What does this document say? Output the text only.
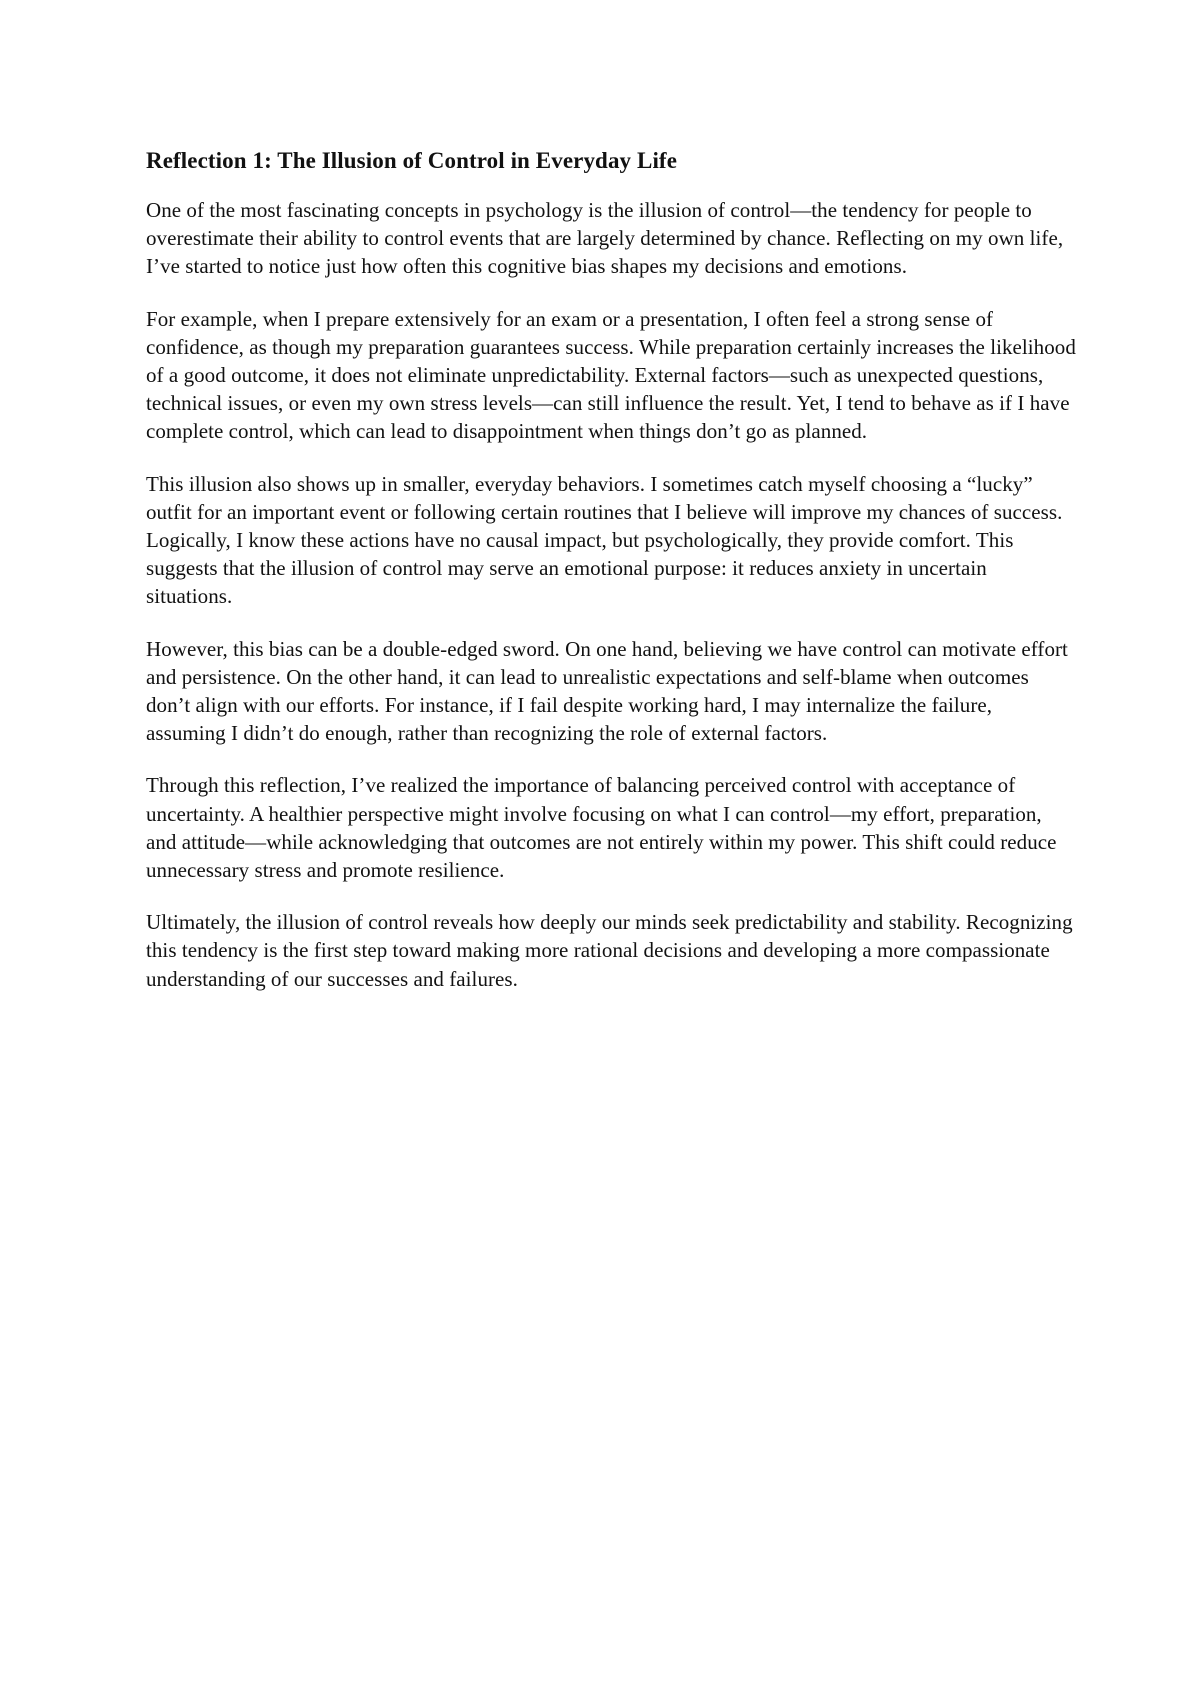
Reflection 1: The Illusion of Control in Everyday Life

One of the most fascinating concepts in psychology is the illusion of control—the tendency for people to overestimate their ability to control events that are largely determined by chance. Reflecting on my own life, I’ve started to notice just how often this cognitive bias shapes my decisions and emotions.

For example, when I prepare extensively for an exam or a presentation, I often feel a strong sense of confidence, as though my preparation guarantees success. While preparation certainly increases the likelihood of a good outcome, it does not eliminate unpredictability. External factors—such as unexpected questions, technical issues, or even my own stress levels—can still influence the result. Yet, I tend to behave as if I have complete control, which can lead to disappointment when things don’t go as planned.

This illusion also shows up in smaller, everyday behaviors. I sometimes catch myself choosing a “lucky” outfit for an important event or following certain routines that I believe will improve my chances of success. Logically, I know these actions have no causal impact, but psychologically, they provide comfort. This suggests that the illusion of control may serve an emotional purpose: it reduces anxiety in uncertain situations.

However, this bias can be a double-edged sword. On one hand, believing we have control can motivate effort and persistence. On the other hand, it can lead to unrealistic expectations and self-blame when outcomes don’t align with our efforts. For instance, if I fail despite working hard, I may internalize the failure, assuming I didn’t do enough, rather than recognizing the role of external factors.

Through this reflection, I’ve realized the importance of balancing perceived control with acceptance of uncertainty. A healthier perspective might involve focusing on what I can control—my effort, preparation, and attitude—while acknowledging that outcomes are not entirely within my power. This shift could reduce unnecessary stress and promote resilience.

Ultimately, the illusion of control reveals how deeply our minds seek predictability and stability. Recognizing this tendency is the first step toward making more rational decisions and developing a more compassionate understanding of our successes and failures.
